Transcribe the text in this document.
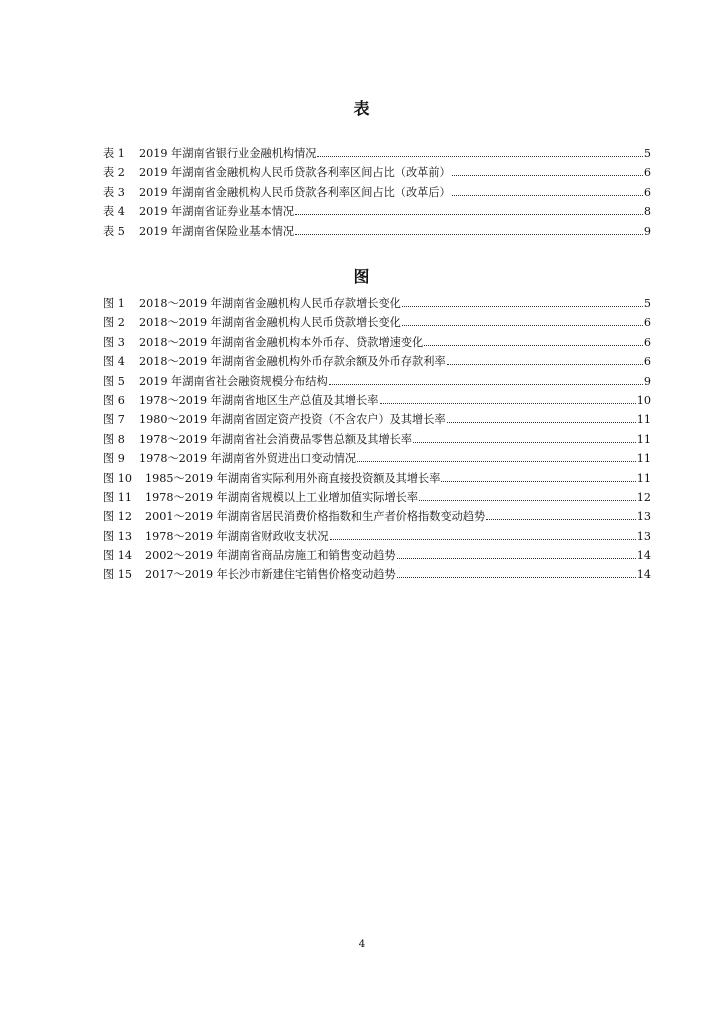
表
表 1	2019 年湖南省银行业金融机构情况	5
表 2	2019 年湖南省金融机构人民币贷款各利率区间占比（改革前）	6
表 3	2019 年湖南省金融机构人民币贷款各利率区间占比（改革后）	6
表 4	2019 年湖南省证券业基本情况	8
表 5	2019 年湖南省保险业基本情况	9
图
图 1	2018～2019 年湖南省金融机构人民币存款增长变化	5
图 2	2018～2019 年湖南省金融机构人民币贷款增长变化	6
图 3	2018～2019 年湖南省金融机构本外币存、贷款增速变化	6
图 4	2018～2019 年湖南省金融机构外币存款余额及外币存款利率	6
图 5	2019 年湖南省社会融资规模分布结构	9
图 6	1978～2019 年湖南省地区生产总值及其增长率	10
图 7	1980～2019 年湖南省固定资产投资（不含农户）及其增长率	11
图 8	1978～2019 年湖南省社会消费品零售总额及其增长率	11
图 9	1978～2019 年湖南省外贸进出口变动情况	11
图 10	1985～2019 年湖南省实际利用外商直接投资额及其增长率	11
图 11	1978～2019 年湖南省规模以上工业增加值实际增长率	12
图 12	2001～2019 年湖南省居民消费价格指数和生产者价格指数变动趋势	13
图 13	1978～2019 年湖南省财政收支状况	13
图 14	2002～2019 年湖南省商品房施工和销售变动趋势	14
图 15	2017～2019 年长沙市新建住宅销售价格变动趋势	14
4
